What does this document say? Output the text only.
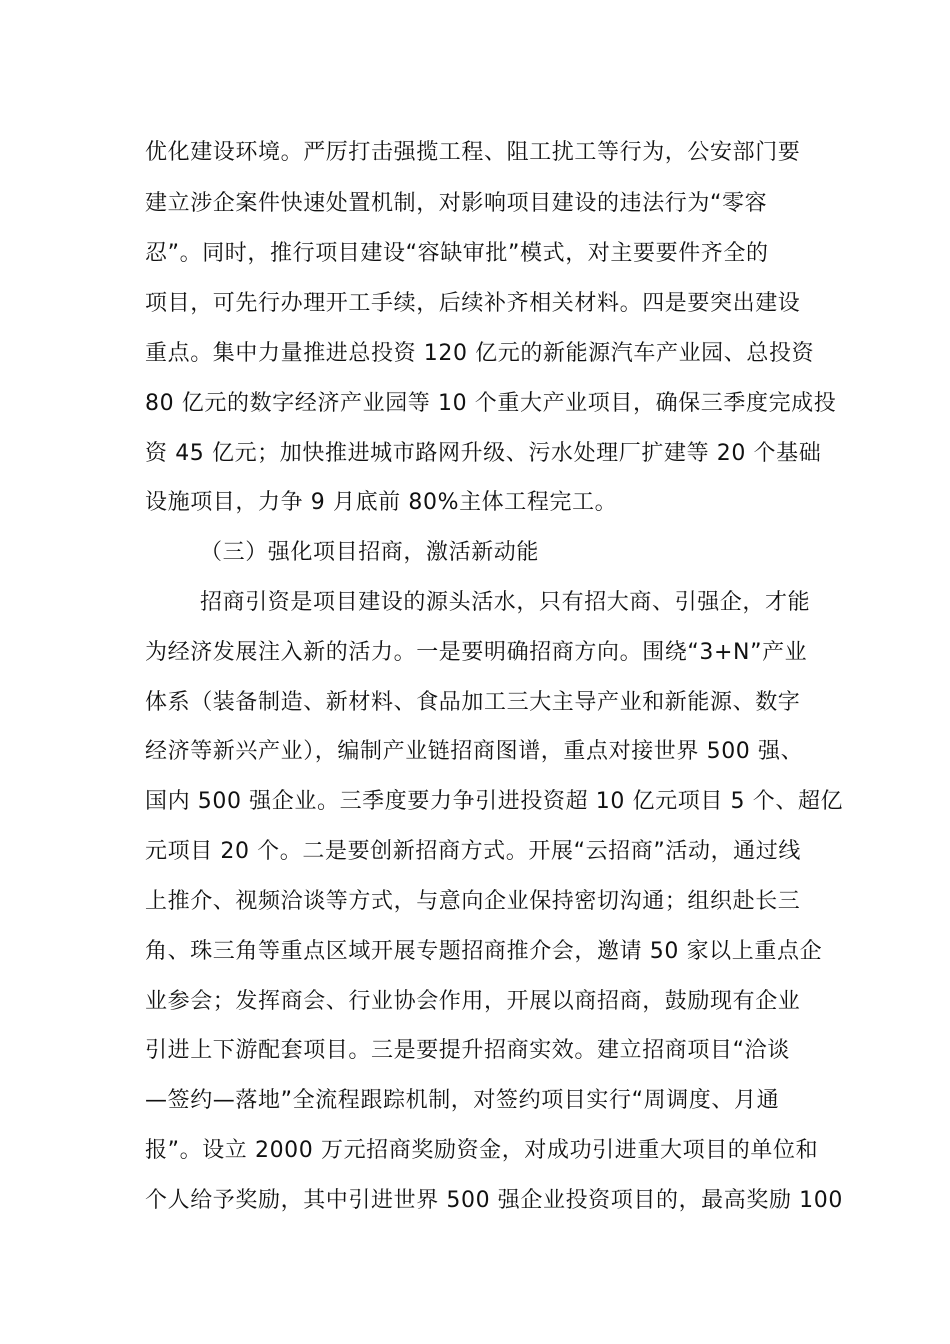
优化建设环境。严厉打击强揽工程、阻工扰工等行为，公安部门要
建立涉企案件快速处置机制，对影响项目建设的违法行为“零容
忍”。同时，推行项目建设“容缺审批”模式，对主要要件齐全的
项目，可先行办理开工手续，后续补齐相关材料。四是要突出建设
重点。集中力量推进总投资 120 亿元的新能源汽车产业园、总投资
80 亿元的数字经济产业园等 10 个重大产业项目，确保三季度完成投
资 45 亿元；加快推进城市路网升级、污水处理厂扩建等 20 个基础
设施项目，力争 9 月底前 80%主体工程完工。
（三）强化项目招商，激活新动能
招商引资是项目建设的源头活水，只有招大商、引强企，才能
为经济发展注入新的活力。一是要明确招商方向。围绕“3+N”产业
体系（装备制造、新材料、食品加工三大主导产业和新能源、数字
经济等新兴产业），编制产业链招商图谱，重点对接世界 500 强、
国内 500 强企业。三季度要力争引进投资超 10 亿元项目 5 个、超亿
元项目 20 个。二是要创新招商方式。开展“云招商”活动，通过线
上推介、视频洽谈等方式，与意向企业保持密切沟通；组织赴长三
角、珠三角等重点区域开展专题招商推介会，邀请 50 家以上重点企
业参会；发挥商会、行业协会作用，开展以商招商，鼓励现有企业
引进上下游配套项目。三是要提升招商实效。建立招商项目“洽谈
—签约—落地”全流程跟踪机制，对签约项目实行“周调度、月通
报”。设立 2000 万元招商奖励资金，对成功引进重大项目的单位和
个人给予奖励，其中引进世界 500 强企业投资项目的，最高奖励 100
